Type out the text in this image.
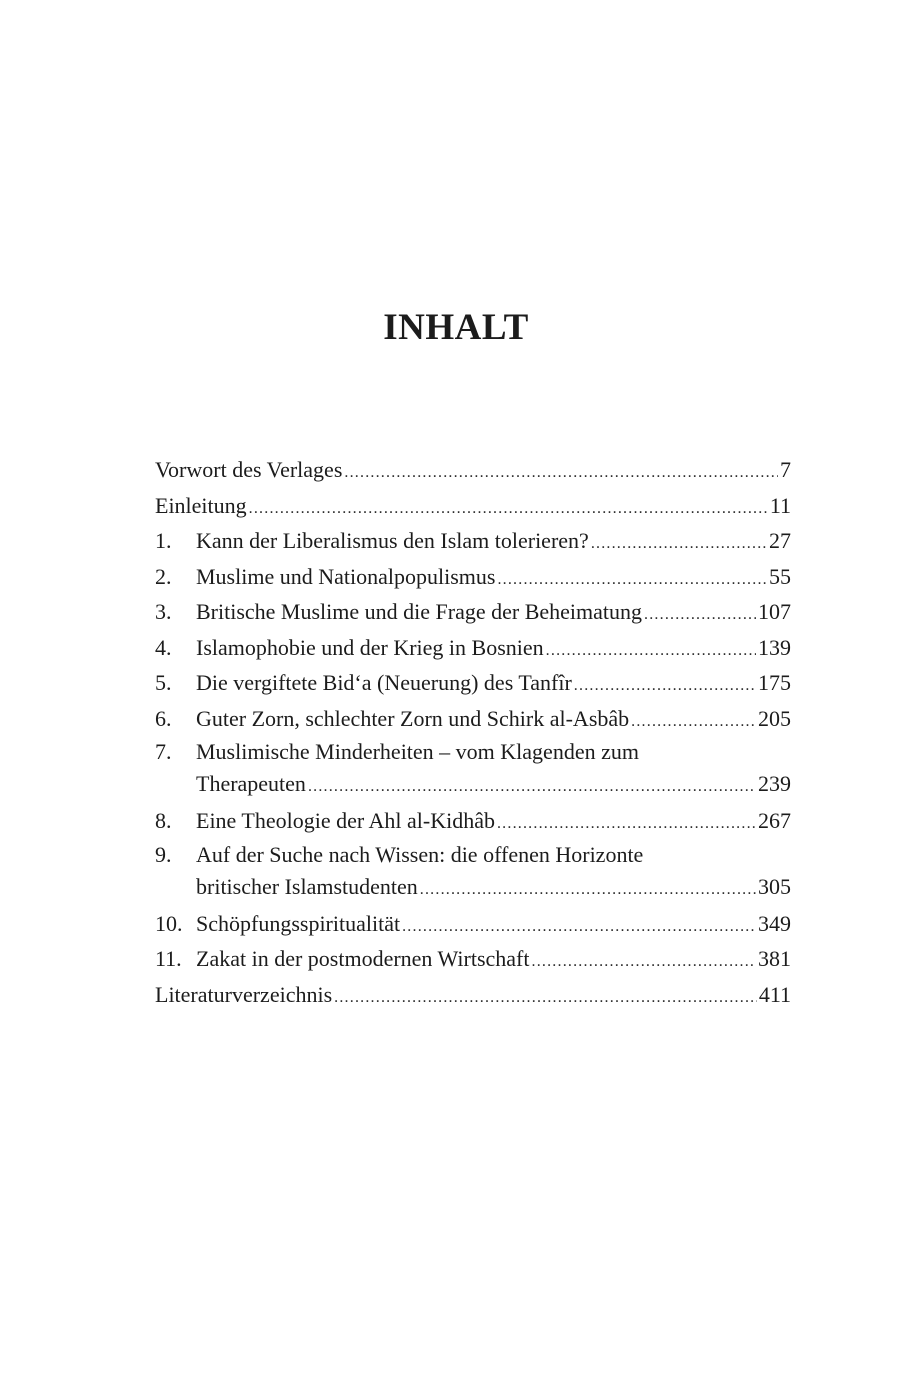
INHALT
Vorwort des Verlages .....	7
Einleitung .....	11
1.	Kann der Liberalismus den Islam tolerieren? .....	27
2.	Muslime und Nationalpopulismus .....	55
3.	Britische Muslime und die Frage der Beheimatung .....	107
4.	Islamophobie und der Krieg in Bosnien .....	139
5.	Die vergiftete Bid‘a (Neuerung) des Tanfîr .....	175
6.	Guter Zorn, schlechter Zorn und Schirk al-Asbâb .....	205
7.	Muslimische Minderheiten – vom Klagenden zum
Therapeuten .....	239
8.	Eine Theologie der Ahl al-Kidhâb .....	267
9.	Auf der Suche nach Wissen: die offenen Horizonte
britischer Islamstudenten .....	305
10. Schöpfungsspiritualität .....	349
11. Zakat in der postmodernen Wirtschaft .....	381
Literaturverzeichnis .....	411
